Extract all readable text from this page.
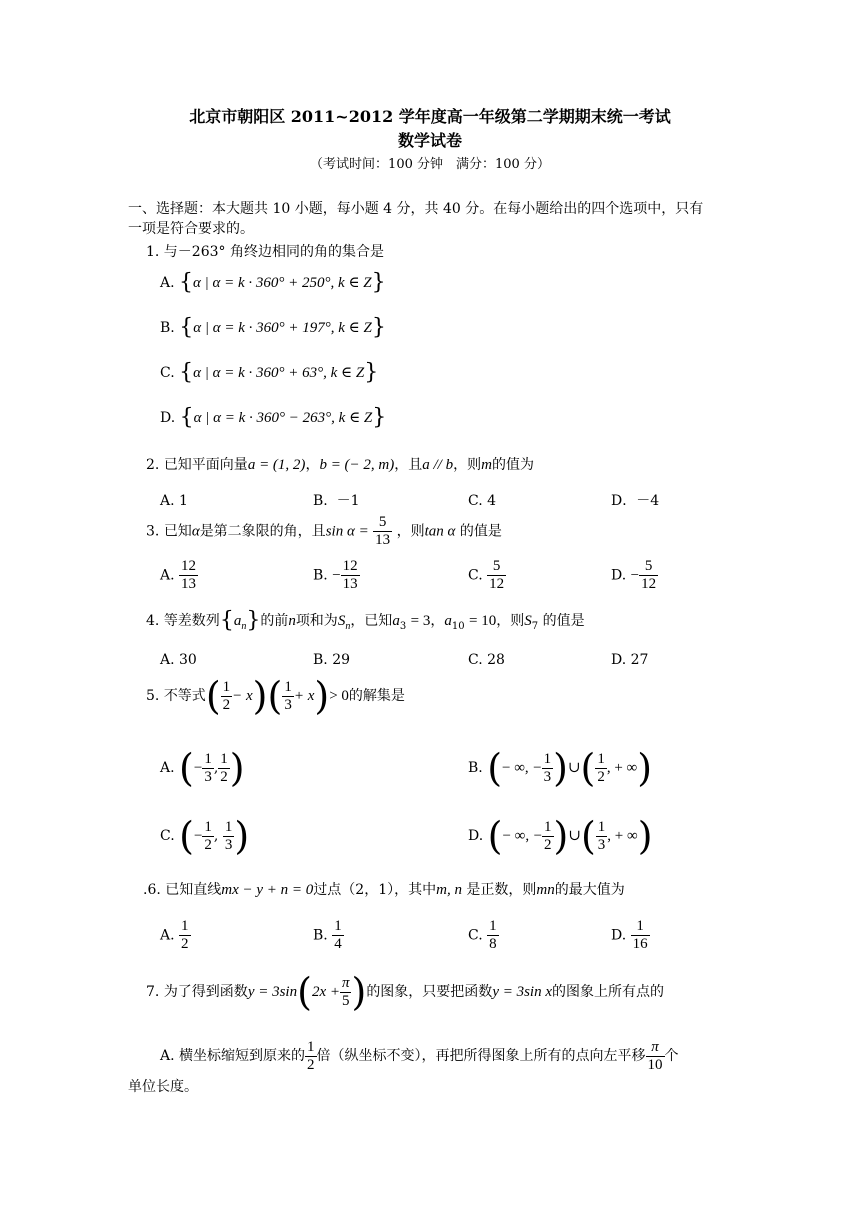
北京市朝阳区 2011~2012 学年度高一年级第二学期期末统一考试
数学试卷
（考试时间：100 分钟　满分：100 分）
一、选择题：本大题共 10 小题，每小题 4 分，共 40 分。在每小题给出的四个选项中，只有
一项是符合要求的。
1. 与－263° 角终边相同的角的集合是
A. {α | α = k · 360° + 250°, k ∈ Z}
B. {α | α = k · 360° + 197°, k ∈ Z}
C. {α | α = k · 360° + 63°, k ∈ Z}
D. {α | α = k · 360° − 263°, k ∈ Z}
2. 已知平面向量a = (1, 2)，b = (− 2, m)，且a // b，则m的值为
A. 1	B. －1	C. 4	D．－4
3. 已知α是第二象限的角，且$\sin \alpha = \frac{5}{13}$ ，则tan α 的值是
A. $\frac{12}{13}$	B. − $\frac{12}{13}$	C. $\frac{5}{12}$	D. − $\frac{5}{12}$
4. 等差数列$\{a_n\}$的前n项和为$S_n$，已知$a_3 = 3$，$a_{10} = 10$，则$S_7$ 的值是
A. 30	B. 29	C. 28	D. 27
5. 不等式( $\frac{1}{2} - x)( \frac{1}{3} + x)> 0$的解集是
A. (− $\frac{1}{3}$ , $\frac{1}{2}$ )	B. (− ∞, − $\frac{1}{3}$ )∪( $\frac{1}{2}$ , + ∞)
C. (− $\frac{1}{2}$ , $\frac{1}{3}$ )	D. (− ∞, − $\frac{1}{2}$ )∪( $\frac{1}{3}$ , + ∞)
.6. 已知直线mx − y + n = 0过点（2，1），其中m, n 是正数，则mn的最大值为
A. $\frac{1}{2}$	B. $\frac{1}{4}$	C. $\frac{1}{8}$	D. $\frac{1}{16}$
7. 为了得到函数$y = 3\sin(2x + \frac{\pi}{5}$ )的图象，只要把函数y = 3sin x的图象上所有点的
A. 横坐标缩短到原来的 $\frac{1}{2}$ 倍（纵坐标不变），再把所得图象上所有的点向左平移 $\frac{\pi}{10}$ 个
单位长度。
